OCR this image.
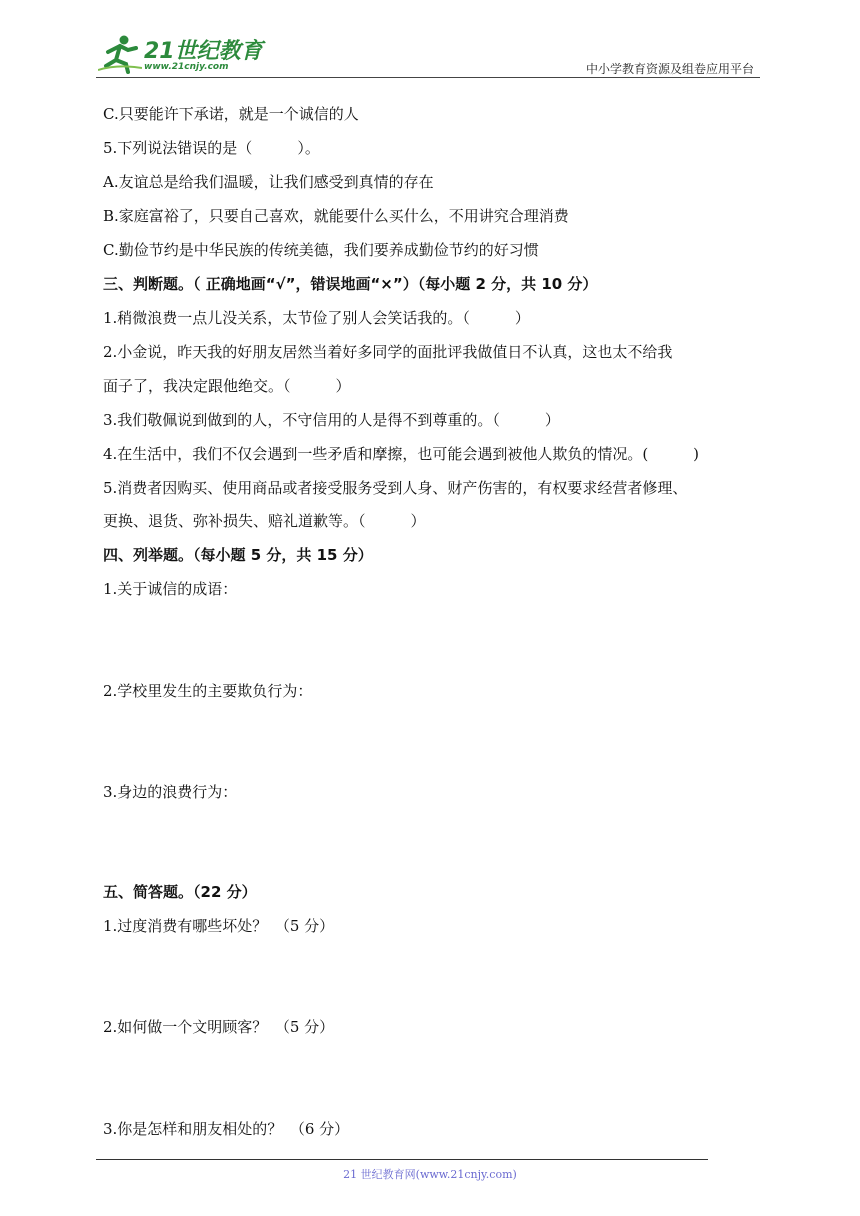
21世纪教育
www.21cnjy.com	中小学教育资源及组卷应用平台
C.只要能许下承诺，就是一个诚信的人
5.下列说法错误的是（　　　）。
A.友谊总是给我们温暖，让我们感受到真情的存在
B.家庭富裕了，只要自己喜欢，就能要什么买什么，不用讲究合理消费
C.勤俭节约是中华民族的传统美德，我们要养成勤俭节约的好习惯
三、判断题。（ 正确地画“√”，错误地画“×”）（每小题 2 分，共 10 分）
1.稍微浪费一点儿没关系，太节俭了别人会笑话我的。（　　　）
2.小金说，昨天我的好朋友居然当着好多同学的面批评我做值日不认真，这也太不给我
面子了，我决定跟他绝交。（　　　）
3.我们敬佩说到做到的人，不守信用的人是得不到尊重的。（　　　）
4.在生活中，我们不仅会遇到一些矛盾和摩擦，也可能会遇到被他人欺负的情况。(　　　)
5.消费者因购买、使用商品或者接受服务受到人身、财产伤害的，有权要求经营者修理、
更换、退货、弥补损失、赔礼道歉等。（　　　）
四、列举题。（每小题 5 分，共 15 分）
1.关于诚信的成语：
2.学校里发生的主要欺负行为：
3.身边的浪费行为：
五、简答题。（22 分）
1.过度消费有哪些坏处？　（5 分）
2.如何做一个文明顾客？　（5 分）
3.你是怎样和朋友相处的？　（6 分）
21 世纪教育网(www.21cnjy.com)
